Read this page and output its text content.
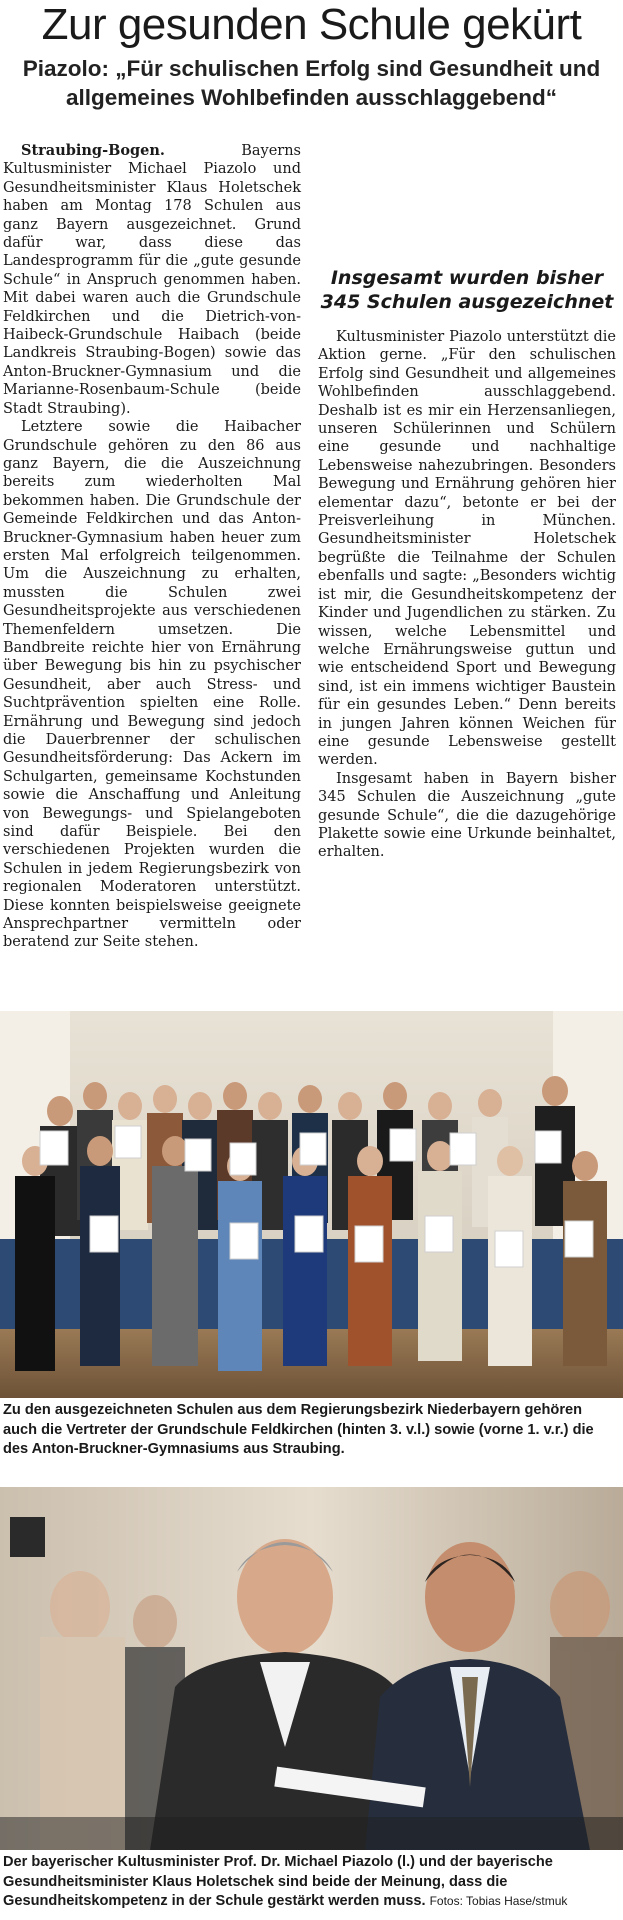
Zur gesunden Schule gekürt
Piazolo: „Für schulischen Erfolg sind Gesundheit und allgemeines Wohlbefinden ausschlaggebend“

Straubing-Bogen.	Bayerns Kultusminister Michael Piazolo und Gesundheitsminister Klaus Holetschek haben am Montag 178 Schulen aus ganz Bayern ausgezeichnet. Grund dafür war, dass diese das Landesprogramm für die „gute gesunde Schule“ in Anspruch genommen haben. Mit dabei waren auch die Grundschule Feldkirchen und die Dietrich-von-Haibeck-Grundschule Haibach (beide Landkreis Straubing-Bogen) sowie das Anton-Bruckner-Gymnasium und die Marianne-Rosenbaum-Schule (beide Stadt Straubing).

Letztere sowie die Haibacher Grundschule gehören zu den 86 aus ganz Bayern, die die Auszeichnung bereits zum wiederholten Mal bekommen haben. Die Grundschule der Gemeinde Feldkirchen und das Anton-Bruckner-Gymnasium haben heuer zum ersten Mal erfolgreich teilgenommen. Um die Auszeichnung zu erhalten, mussten die Schulen zwei Gesundheitsprojekte aus verschiedenen Themenfeldern umsetzen. Die Bandbreite reichte hier von Ernährung über Bewegung bis hin zu psychischer Gesundheit, aber auch Stress- und Suchtprävention spielten eine Rolle. Ernährung und Bewegung sind jedoch die Dauerbrenner der schulischen Gesundheitsförderung: Das Ackern im Schulgarten, gemeinsame Kochstunden sowie die Anschaffung und Anleitung von Bewegungs- und Spielangeboten sind dafür Beispiele. Bei den verschiedenen Projekten wurden die Schulen in jedem Regierungsbezirk von regionalen Moderatoren unterstützt. Diese konnten beispielsweise geeignete Ansprechpartner vermitteln oder beratend zur Seite stehen.

Insgesamt wurden bisher 345 Schulen ausgezeichnet

Kultusminister Piazolo unterstützt die Aktion gerne. „Für den schulischen Erfolg sind Gesundheit und allgemeines Wohlbefinden ausschlaggebend. Deshalb ist es mir ein Herzensanliegen, unseren Schülerinnen und Schülern eine gesunde und nachhaltige Lebensweise nahezubringen. Besonders Bewegung und Ernährung gehören hier elementar dazu“, betonte er bei der Preisverleihung in München. Gesundheitsminister Holetschek begrüßte die Teilnahme der Schulen ebenfalls und sagte: „Besonders wichtig ist mir, die Gesundheitskompetenz der Kinder und Jugendlichen zu stärken. Zu wissen, welche Lebensmittel und welche Ernährungsweise guttun und wie entscheidend Sport und Bewegung sind, ist ein immens wichtiger Baustein für ein gesundes Leben.“ Denn bereits in jungen Jahren können Weichen für eine gesunde Lebensweise gestellt werden.

Insgesamt haben in Bayern bisher 345 Schulen die Auszeichnung „gute gesunde Schule“, die die dazugehörige Plakette sowie eine Urkunde beinhaltet, erhalten.

Zu den ausgezeichneten Schulen aus dem Regierungsbezirk Niederbayern gehören auch die Vertreter der Grundschule Feldkirchen (hinten 3. v.l.) sowie (vorne 1. v.r.) die des Anton-Bruckner-Gymnasiums aus Straubing.
Der bayerischer Kultusminister Prof. Dr. Michael Piazolo (l.) und der bayerische Gesundheitsminister Klaus Holetschek sind beide der Meinung, dass die Gesundheitskompetenz in der Schule gestärkt werden muss. Fotos: Tobias Hase/stmuk
